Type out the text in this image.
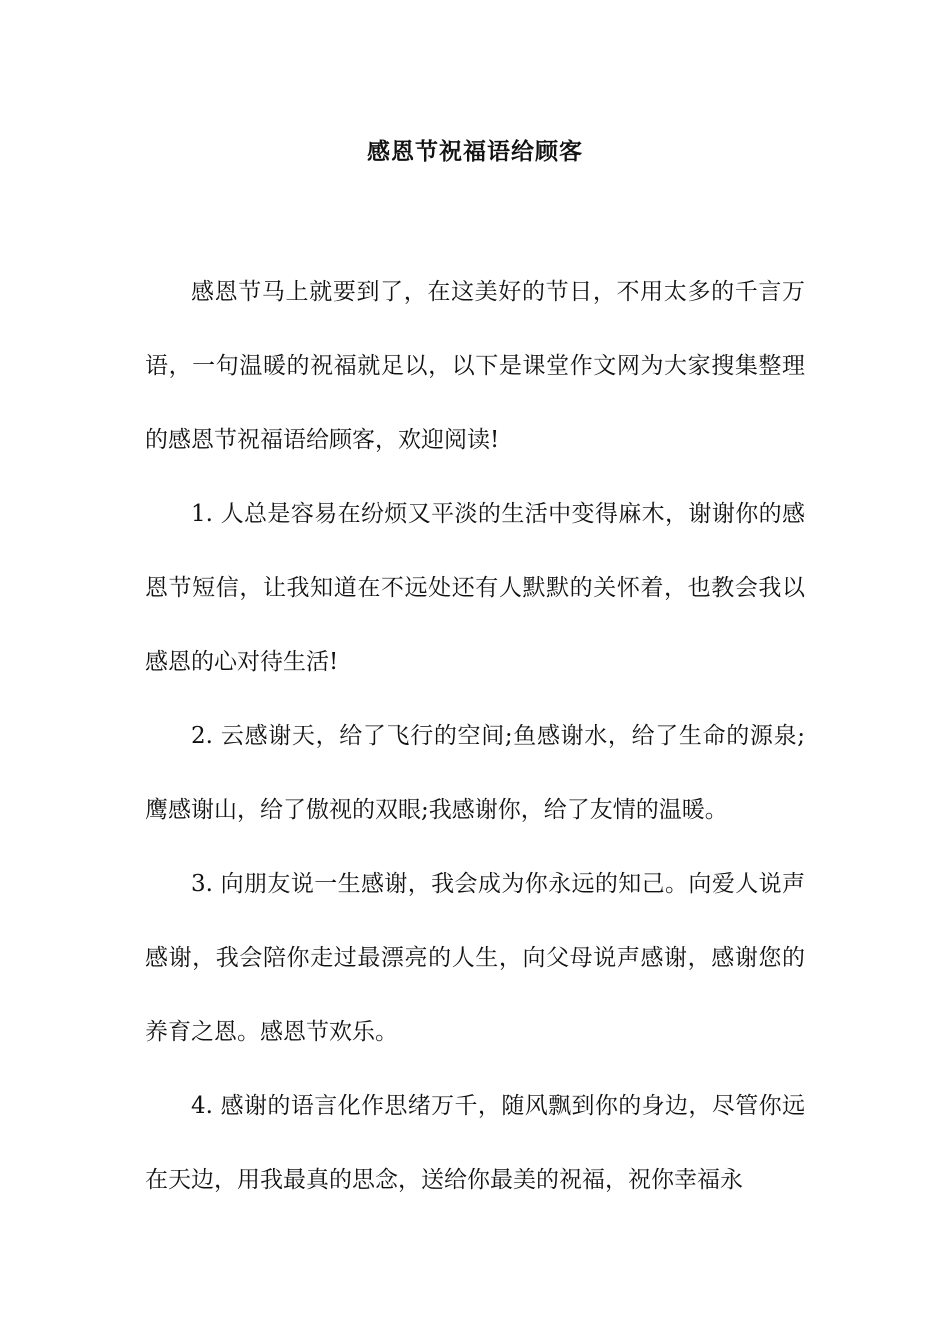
感恩节祝福语给顾客

感恩节马上就要到了，在这美好的节日，不用太多的千言万语，一句温暖的祝福就足以，以下是课堂作文网为大家搜集整理的感恩节祝福语给顾客，欢迎阅读!

1. 人总是容易在纷烦又平淡的生活中变得麻木，谢谢你的感恩节短信，让我知道在不远处还有人默默的关怀着，也教会我以感恩的心对待生活!

2. 云感谢天，给了飞行的空间;鱼感谢水，给了生命的源泉;鹰感谢山，给了傲视的双眼;我感谢你，给了友情的温暖。

3. 向朋友说一生感谢，我会成为你永远的知己。向爱人说声感谢，我会陪你走过最漂亮的人生，向父母说声感谢，感谢您的养育之恩。感恩节欢乐。

4. 感谢的语言化作思绪万千，随风飘到你的身边，尽管你远在天边，用我最真的思念，送给你最美的祝福，祝你幸福永
